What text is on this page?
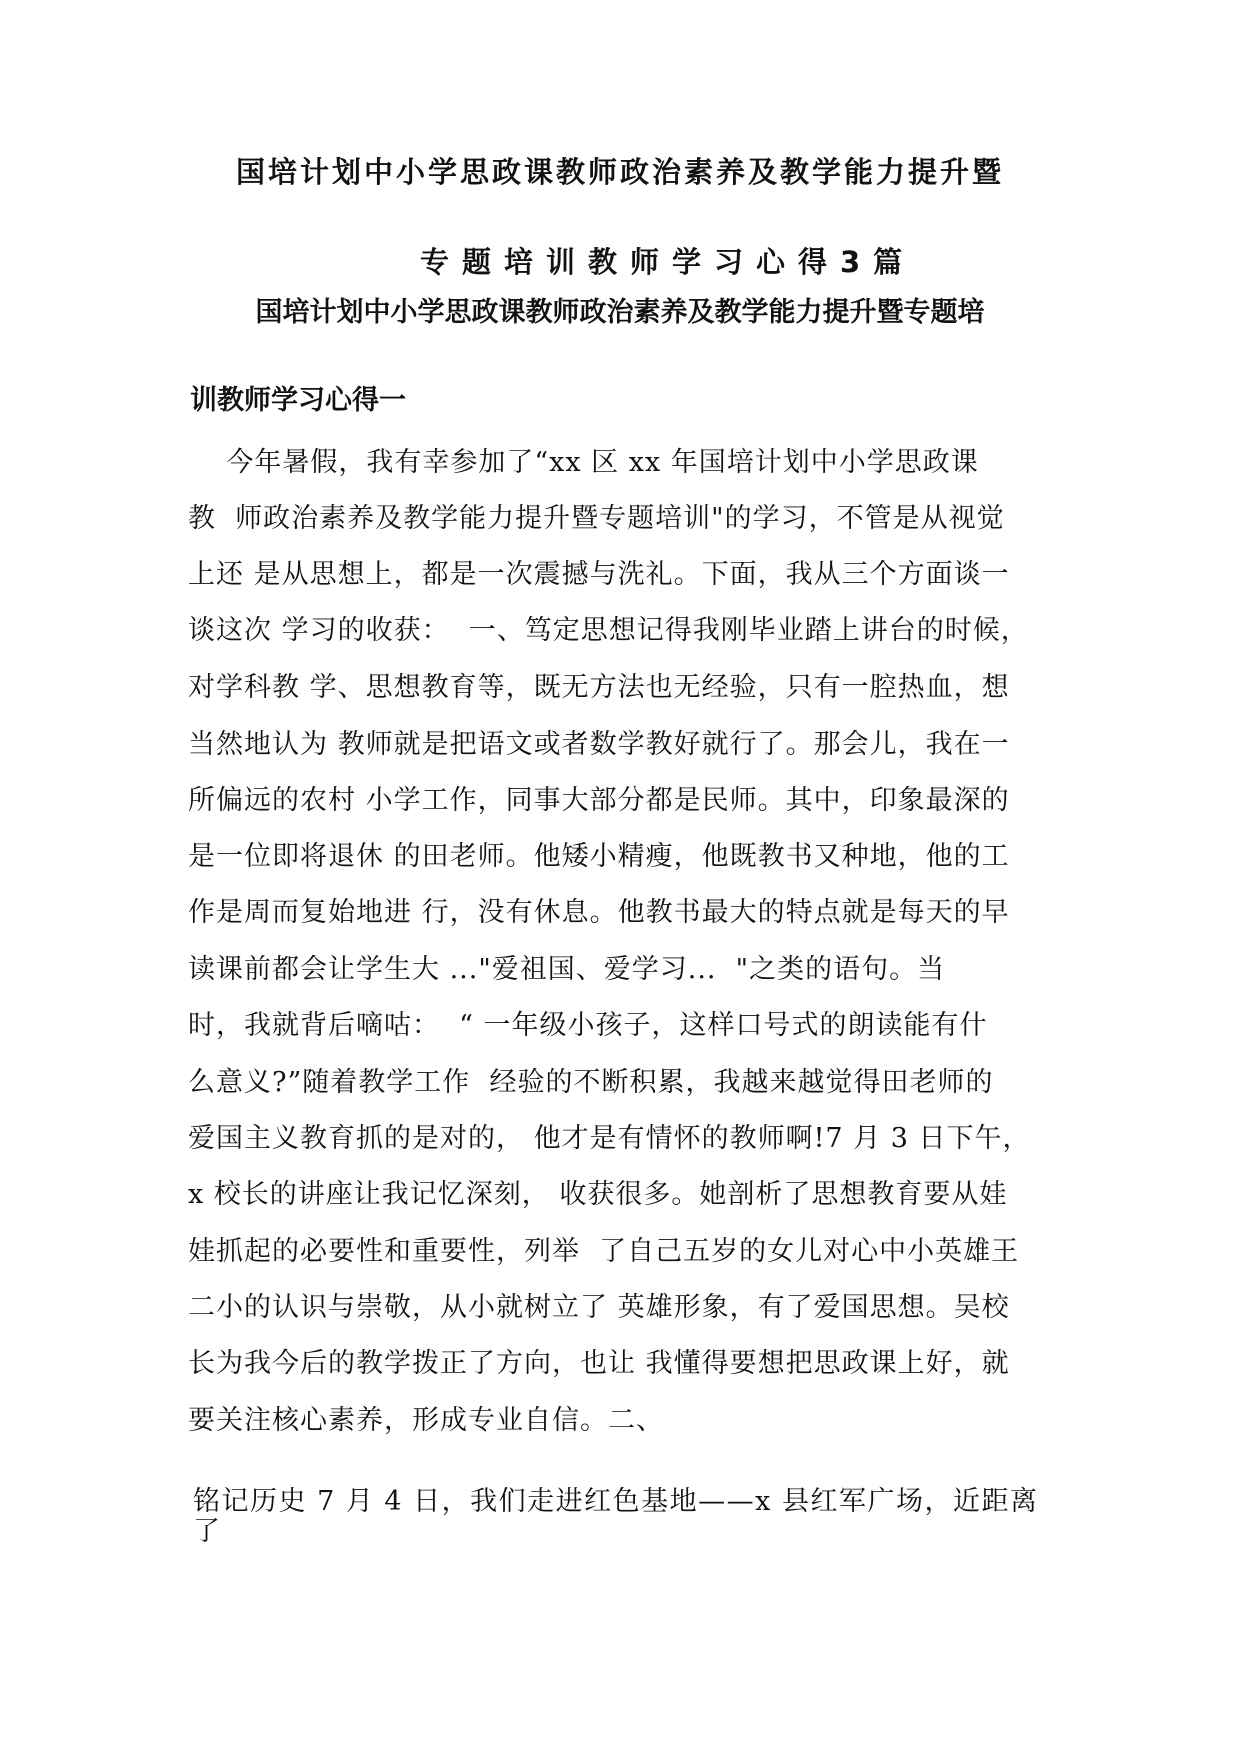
国培计划中小学思政课教师政治素养及教学能力提升暨
专题培训教师学习心得3篇
国培计划中小学思政课教师政治素养及教学能力提升暨专题培
训教师学习心得一
今年暑假，我有幸参加了“xx 区 xx 年国培计划中小学思政课
教  师政治素养及教学能力提升暨专题培训"的学习，不管是从视觉
上还 是从思想上，都是一次震撼与洗礼。下面，我从三个方面谈一
谈这次 学习的收获：  一、笃定思想记得我刚毕业踏上讲台的时候，
对学科教 学、思想教育等，既无方法也无经验，只有一腔热血，想
当然地认为 教师就是把语文或者数学教好就行了。那会儿，我在一
所偏远的农村 小学工作，同事大部分都是民师。其中，印象最深的
是一位即将退休 的田老师。他矮小精瘦，他既教书又种地，他的工
作是周而复始地进 行，没有休息。他教书最大的特点就是每天的早
读课前都会让学生大 ..."爱祖国、爱学习...  "之类的语句。当
时，我就背后嘀咕：  “ 一年级小孩子，这样口号式的朗读能有什
么意义?”随着教学工作  经验的不断积累，我越来越觉得田老师的
爱国主义教育抓的是对的， 他才是有情怀的教师啊!7 月 3 日下午，
x 校长的讲座让我记忆深刻， 收获很多。她剖析了思想教育要从娃
娃抓起的必要性和重要性，列举  了自己五岁的女儿对心中小英雄王
二小的认识与崇敬，从小就树立了 英雄形象，有了爱国思想。吴校
长为我今后的教学拨正了方向，也让 我懂得要想把思政课上好，就
要关注核心素养，形成专业自信。二、
铭记历史 7 月 4 日，我们走进红色基地——x 县红军广场，近距离了
